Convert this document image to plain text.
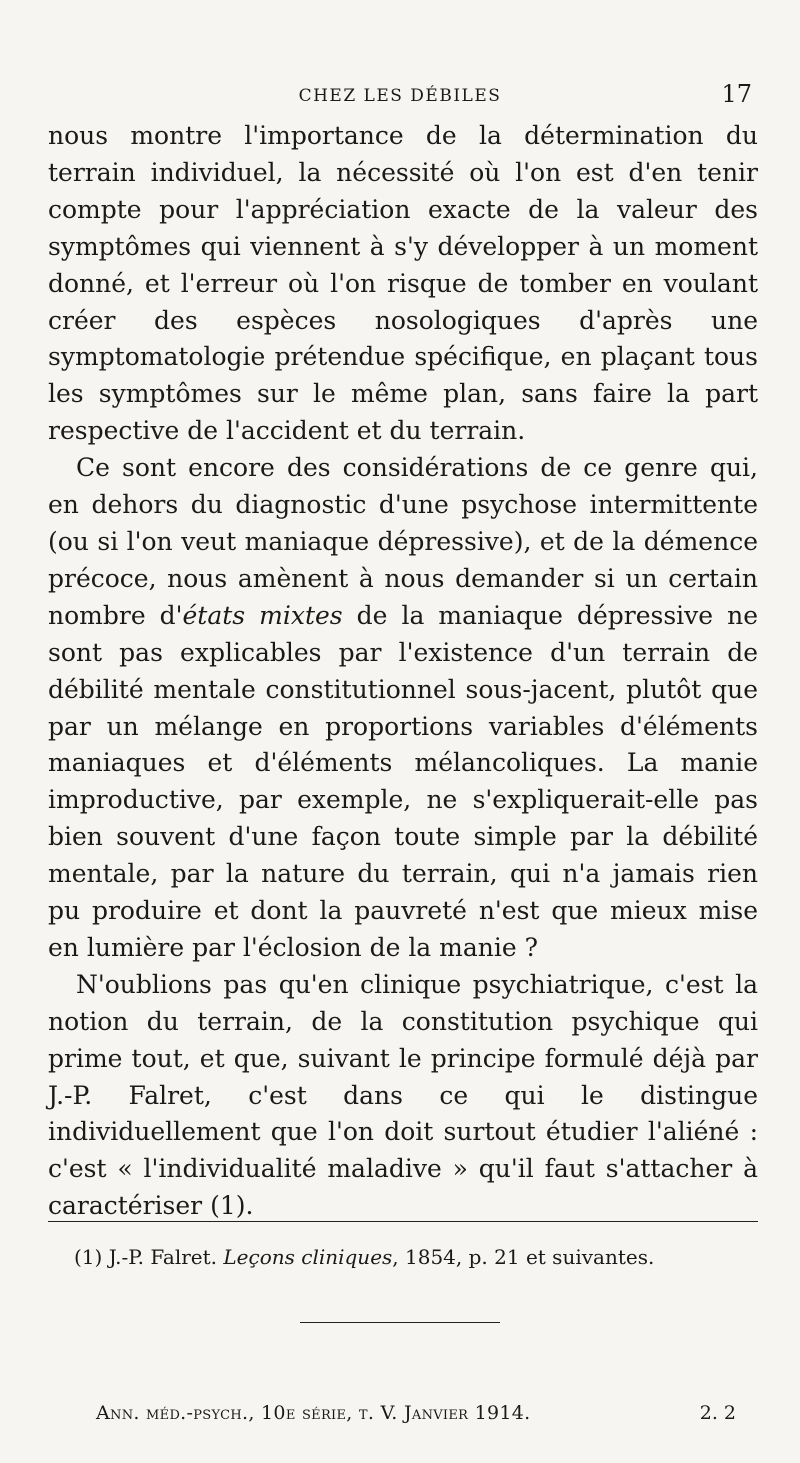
CHEZ LES DÉBILES	17

nous montre l'importance de la détermination du terrain individuel, la nécessité où l'on est d'en tenir compte pour l'appréciation exacte de la valeur des symptômes qui viennent à s'y développer à un moment donné, et l'erreur où l'on risque de tomber en voulant créer des espèces nosologiques d'après une symptomatologie prétendue spécifique, en plaçant tous les symptômes sur le même plan, sans faire la part respective de l'accident et du terrain.

Ce sont encore des considérations de ce genre qui, en dehors du diagnostic d'une psychose intermittente (ou si l'on veut maniaque dépressive), et de la démence précoce, nous amènent à nous demander si un certain nombre d'états mixtes de la maniaque dépressive ne sont pas explicables par l'existence d'un terrain de débilité mentale constitutionnel sous-jacent, plutôt que par un mélange en proportions variables d'éléments maniaques et d'éléments mélancoliques. La manie improductive, par exemple, ne s'expliquerait-elle pas bien souvent d'une façon toute simple par la débilité mentale, par la nature du terrain, qui n'a jamais rien pu produire et dont la pauvreté n'est que mieux mise en lumière par l'éclosion de la manie ?

N'oublions pas qu'en clinique psychiatrique, c'est la notion du terrain, de la constitution psychique qui prime tout, et que, suivant le principe formulé déjà par J.-P. Falret, c'est dans ce qui le distingue individuellement que l'on doit surtout étudier l'aliéné : c'est « l'individualité maladive » qu'il faut s'attacher à caractériser (1).

(1) J.-P. Falret. Leçons cliniques, 1854, p. 21 et suivantes.
Ann. méd.-psych., 10e série, t. V. Janvier 1914.	2. 2
